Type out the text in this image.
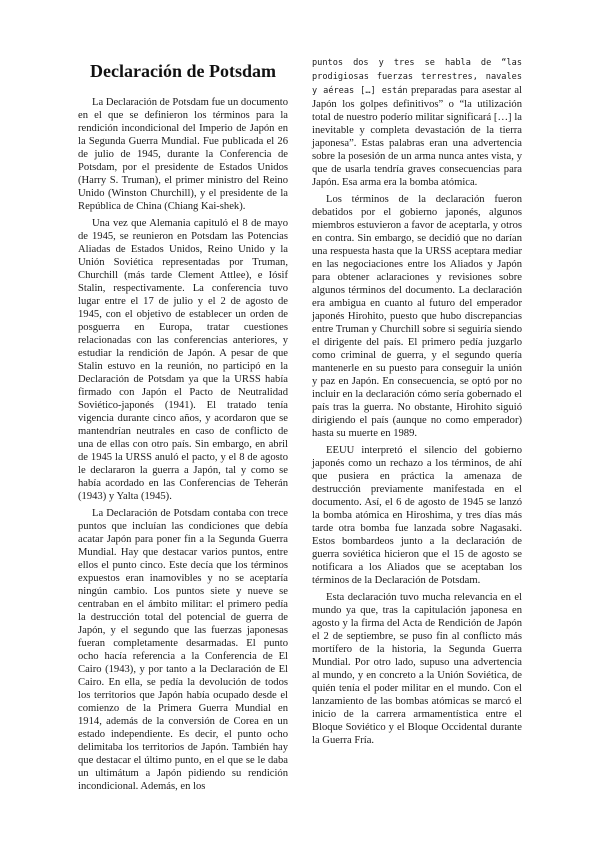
Declaración de Potsdam

La Declaración de Potsdam fue un documento en el que se definieron los términos para la rendición incondicional del Imperio de Japón en la Segunda Guerra Mundial. Fue publicada el 26 de julio de 1945, durante la Conferencia de Potsdam, por el presidente de Estados Unidos (Harry S. Truman), el primer ministro del Reino Unido (Winston Churchill), y el presidente de la República de China (Chiang Kai-shek).

Una vez que Alemania capituló el 8 de mayo de 1945, se reunieron en Potsdam las Potencias Aliadas de Estados Unidos, Reino Unido y la Unión Soviética representadas por Truman, Churchill (más tarde Clement Attlee), e Iósif Stalin, respectivamente. La conferencia tuvo lugar entre el 17 de julio y el 2 de agosto de 1945, con el objetivo de establecer un orden de posguerra en Europa, tratar cuestiones relacionadas con las conferencias anteriores, y estudiar la rendición de Japón. A pesar de que Stalin estuvo en la reunión, no participó en la Declaración de Potsdam ya que la URSS había firmado con Japón el Pacto de Neutralidad Soviético-japonés (1941). El tratado tenía vigencia durante cinco años, y acordaron que se mantendrían neutrales en caso de conflicto de una de ellas con otro país. Sin embargo, en abril de 1945 la URSS anuló el pacto, y el 8 de agosto le declararon la guerra a Japón, tal y como se había acordado en las Conferencias de Teherán (1943) y Yalta (1945).

La Declaración de Potsdam contaba con trece puntos que incluían las condiciones que debía acatar Japón para poner fin a la Segunda Guerra Mundial. Hay que destacar varios puntos, entre ellos el punto cinco. Este decía que los términos expuestos eran inamovibles y no se aceptaría ningún cambio. Los puntos siete y nueve se centraban en el ámbito militar: el primero pedía la destrucción total del potencial de guerra de Japón, y el segundo que las fuerzas japonesas fueran completamente desarmadas. El punto ocho hacía referencia a la Conferencia de El Cairo (1943), y por tanto a la Declaración de El Cairo. En ella, se pedía la devolución de todos los territorios que Japón había ocupado desde el comienzo de la Primera Guerra Mundial en 1914, además de la conversión de Corea en un estado independiente. Es decir, el punto ocho delimitaba los territorios de Japón. También hay que destacar el último punto, en el que se le daba un ultimátum a Japón pidiendo su rendición incondicional. Además, en los

puntos dos y tres se habla de “las prodigiosas fuerzas terrestres, navales y aéreas […] están preparadas para asestar al Japón los golpes definitivos” o “la utilización total de nuestro poderío militar significará […] la inevitable y completa devastación de la tierra japonesa”. Estas palabras eran una advertencia sobre la posesión de un arma nunca antes vista, y que de usarla tendría graves consecuencias para Japón. Esa arma era la bomba atómica.

Los términos de la declaración fueron debatidos por el gobierno japonés, algunos miembros estuvieron a favor de aceptarla, y otros en contra. Sin embargo, se decidió que no darían una respuesta hasta que la URSS aceptara mediar en las negociaciones entre los Aliados y Japón para obtener aclaraciones y revisiones sobre algunos términos del documento. La declaración era ambigua en cuanto al futuro del emperador japonés Hirohito, puesto que hubo discrepancias entre Truman y Churchill sobre si seguiría siendo el dirigente del país. El primero pedía juzgarlo como criminal de guerra, y el segundo quería mantenerle en su puesto para conseguir la unión y paz en Japón. En consecuencia, se optó por no incluir en la declaración cómo sería gobernado el país tras la guerra. No obstante, Hirohito siguió dirigiendo el país (aunque no como emperador) hasta su muerte en 1989.

EEUU interpretó el silencio del gobierno japonés como un rechazo a los términos, de ahí que pusiera en práctica la amenaza de destrucción previamente manifestada en el documento. Así, el 6 de agosto de 1945 se lanzó la bomba atómica en Hiroshima, y tres días más tarde otra bomba fue lanzada sobre Nagasaki. Estos bombardeos junto a la declaración de guerra soviética hicieron que el 15 de agosto se notificara a los Aliados que se aceptaban los términos de la Declaración de Potsdam.

Esta declaración tuvo mucha relevancia en el mundo ya que, tras la capitulación japonesa en agosto y la firma del Acta de Rendición de Japón el 2 de septiembre, se puso fin al conflicto más mortífero de la historia, la Segunda Guerra Mundial. Por otro lado, supuso una advertencia al mundo, y en concreto a la Unión Soviética, de quién tenía el poder militar en el mundo. Con el lanzamiento de las bombas atómicas se marcó el inicio de la carrera armamentística entre el Bloque Soviético y el Bloque Occidental durante la Guerra Fría.
